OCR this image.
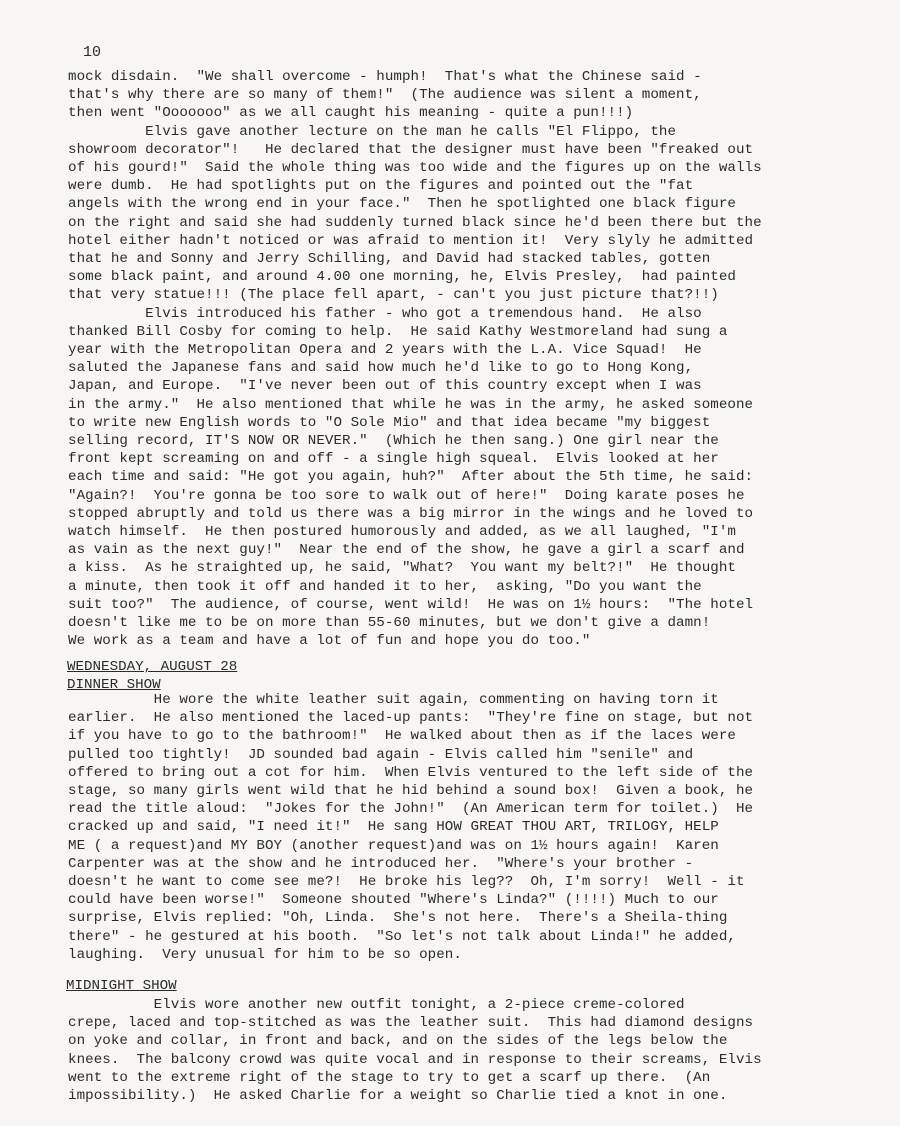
10
mock disdain.  "We shall overcome - humph!  That's what the Chinese said -
that's why there are so many of them!"  (The audience was silent a moment,
then went "Ooooooo" as we all caught his meaning - quite a pun!!!)
Elvis gave another lecture on the man he calls "El Flippo, the
showroom decorator"!   He declared that the designer must have been "freaked out
of his gourd!"  Said the whole thing was too wide and the figures up on the walls
were dumb.  He had spotlights put on the figures and pointed out the "fat
angels with the wrong end in your face."  Then he spotlighted one black figure
on the right and said she had suddenly turned black since he'd been there but the
hotel either hadn't noticed or was afraid to mention it!  Very slyly he admitted
that he and Sonny and Jerry Schilling, and David had stacked tables, gotten
some black paint, and around 4.00 one morning, he, Elvis Presley,  had painted
that very statue!!! (The place fell apart, - can't you just picture that?!!)
Elvis introduced his father - who got a tremendous hand.  He also
thanked Bill Cosby for coming to help.  He said Kathy Westmoreland had sung a
year with the Metropolitan Opera and 2 years with the L.A. Vice Squad!  He
saluted the Japanese fans and said how much he'd like to go to Hong Kong,
Japan, and Europe.  "I've never been out of this country except when I was
in the army."  He also mentioned that while he was in the army, he asked someone
to write new English words to "O Sole Mio" and that idea became "my biggest
selling record, IT'S NOW OR NEVER."  (Which he then sang.) One girl near the
front kept screaming on and off - a single high squeal.  Elvis looked at her
each time and said: "He got you again, huh?"  After about the 5th time, he said:
"Again?!  You're gonna be too sore to walk out of here!"  Doing karate poses he
stopped abruptly and told us there was a big mirror in the wings and he loved to
watch himself.  He then postured humorously and added, as we all laughed, "I'm
as vain as the next guy!"  Near the end of the show, he gave a girl a scarf and
a kiss.  As he straighted up, he said, "What?  You want my belt?!"  He thought
a minute, then took it off and handed it to her,  asking, "Do you want the
suit too?"  The audience, of course, went wild!  He was on 1½ hours:  "The hotel
doesn't like me to be on more than 55-60 minutes, but we don't give a damn!
We work as a team and have a lot of fun and hope you do too."
WEDNESDAY, AUGUST 28
DINNER SHOW
He wore the white leather suit again, commenting on having torn it
earlier.  He also mentioned the laced-up pants:  "They're fine on stage, but not
if you have to go to the bathroom!"  He walked about then as if the laces were
pulled too tightly!  JD sounded bad again - Elvis called him "senile" and
offered to bring out a cot for him.  When Elvis ventured to the left side of the
stage, so many girls went wild that he hid behind a sound box!  Given a book, he
read the title aloud:  "Jokes for the John!"  (An American term for toilet.)  He
cracked up and said, "I need it!"  He sang HOW GREAT THOU ART, TRILOGY, HELP
ME ( a request)and MY BOY (another request)and was on 1½ hours again!  Karen
Carpenter was at the show and he introduced her.  "Where's your brother -
doesn't he want to come see me?!  He broke his leg??  Oh, I'm sorry!  Well - it
could have been worse!"  Someone shouted "Where's Linda?" (!!!!) Much to our
surprise, Elvis replied: "Oh, Linda.  She's not here.  There's a Sheila-thing
there" - he gestured at his booth.  "So let's not talk about Linda!" he added,
laughing.  Very unusual for him to be so open.
MIDNIGHT SHOW
Elvis wore another new outfit tonight, a 2-piece creme-colored
crepe, laced and top-stitched as was the leather suit.  This had diamond designs
on yoke and collar, in front and back, and on the sides of the legs below the
knees.  The balcony crowd was quite vocal and in response to their screams, Elvis
went to the extreme right of the stage to try to get a scarf up there.  (An
impossibility.)  He asked Charlie for a weight so Charlie tied a knot in one.
